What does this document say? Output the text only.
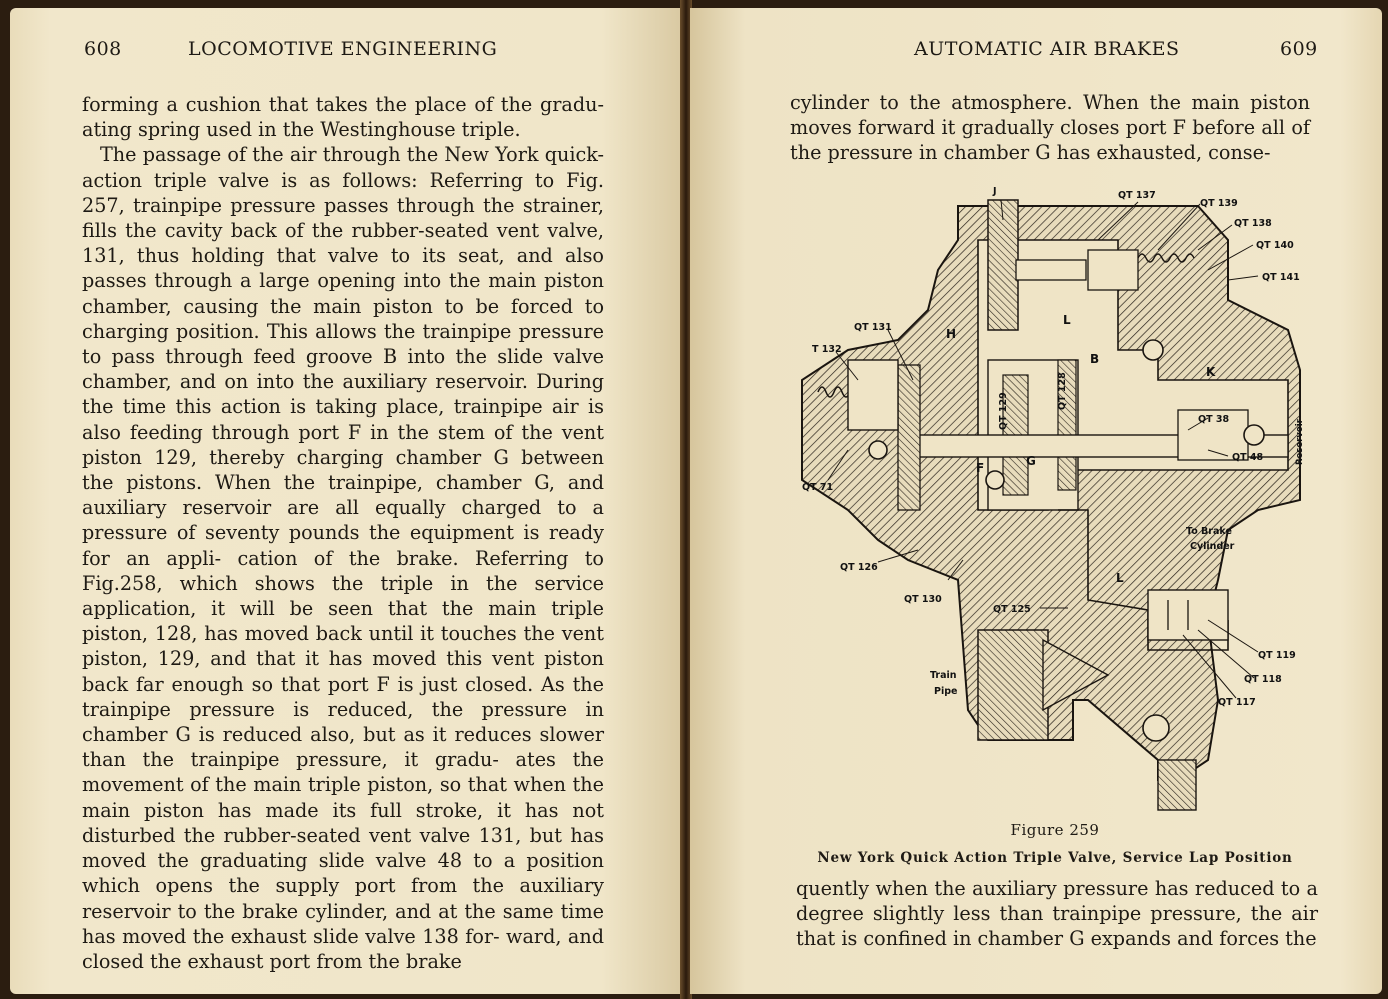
608	LOCOMOTIVE ENGINEERING

forming a cushion that takes the place of the gradu- ating spring used in the Westinghouse triple.

The passage of the air through the New York quick- action triple valve is as follows: Referring to Fig. 257, trainpipe pressure passes through the strainer, fills the cavity back of the rubber-seated vent valve, 131, thus holding that valve to its seat, and also passes through a large opening into the main piston chamber, causing the main piston to be forced to charging position. This allows the trainpipe pressure to pass through feed groove B into the slide valve chamber, and on into the auxiliary reservoir. During the time this action is taking place, trainpipe air is also feeding through port F in the stem of the vent piston 129, thereby charging chamber G between the pistons. When the trainpipe, chamber G, and auxiliary reservoir are all equally charged to a pressure of seventy pounds the equipment is ready for an appli- cation of the brake. Referring to Fig.258, which shows the triple in the service application, it will be seen that the main triple piston, 128, has moved back until it touches the vent piston, 129, and that it has moved this vent piston back far enough so that port F is just closed. As the trainpipe pressure is reduced, the pressure in chamber G is reduced also, but as it reduces slower than the trainpipe pressure, it gradu- ates the movement of the main triple piston, so that when the main piston has made its full stroke, it has not disturbed the rubber-seated vent valve 131, but has moved the graduating slide valve 48 to a position which opens the supply port from the auxiliary reservoir to the brake cylinder, and at the same time has moved the exhaust slide valve 138 for- ward, and closed the exhaust port from the brake

AUTOMATIC AIR BRAKES	609
cylinder to the atmosphere. When the main piston moves forward it gradually closes port F before all of the pressure in chamber G has exhausted, conse-
J	QT 137
QT 139
QT 138
QT 140
QT 141
QT 131
T 132
H
L
B
K
QT 129
QT 128
QT 38
QT 48	Reservoir
QT 71
F	G
To Brake
Cylinder
QT 126
L
QT 130
QT 125
QT 119
QT 118
QT 117
Train
Pipe
Figure 259
New York Quick Action Triple Valve, Service Lap Position
quently when the auxiliary pressure has reduced to a degree slightly less than trainpipe pressure, the air that is confined in chamber G expands and forces the
